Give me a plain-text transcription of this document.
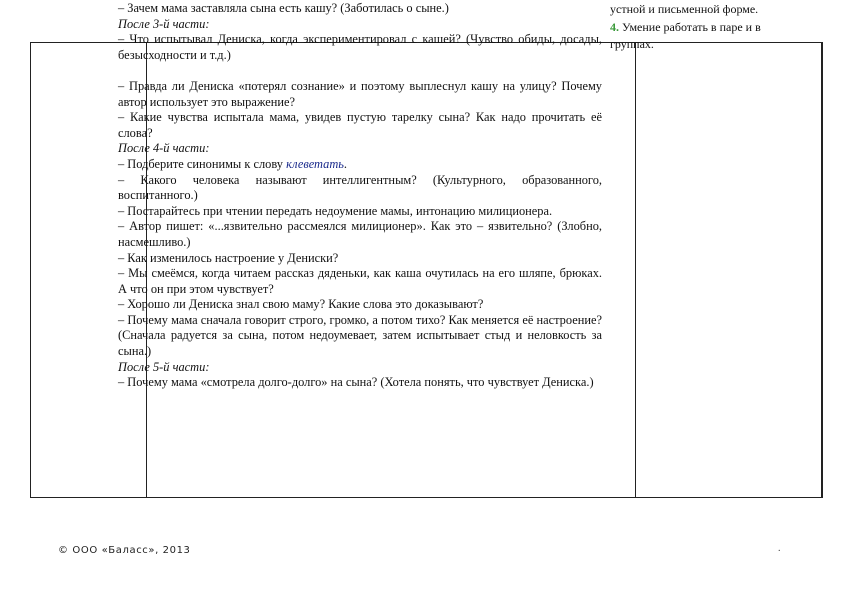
– Зачем мама заставляла сына есть кашу? (Заботилась о сыне.)

После 3-й части:

– Что испытывал Дениска, когда экспериментировал с кашей? (Чувство обиды, досады, безысходности и т.д.)

– Правда ли Дениска «потерял сознание» и поэтому выплеснул кашу на улицу? Почему автор использует это выражение?

– Какие чувства испытала мама, увидев пустую тарелку сына? Как надо прочитать её слова?

После 4-й части:

– Подберите синонимы к слову клеветать.

– Какого человека называют интеллигентным? (Культурного, образованного, воспитанного.)

– Постарайтесь при чтении передать недоумение мамы, интонацию милиционера.

– Автор пишет: «...язвительно рассмеялся милиционер». Как это – язвительно? (Злобно, насмешливо.)

– Как изменилось настроение у Дениски?

– Мы смеёмся, когда читаем рассказ дяденьки, как каша очутилась на его шляпе, брюках. А что он при этом чувствует?

– Хорошо ли Дениска знал свою маму? Какие слова это доказывают?

– Почему мама сначала говорит строго, громко, а потом тихо? Как меняется её настроение? (Сначала радуется за сына, потом недоумевает, затем испытывает стыд и неловкость за сына.)

После 5-й части:

– Почему мама «смотрела долго-долго» на сына? (Хотела понять, что чувствует Дениска.)

устной и письменной форме.
4. Умение работать в паре и в группах.
© ООО «Баласс», 2013	.
